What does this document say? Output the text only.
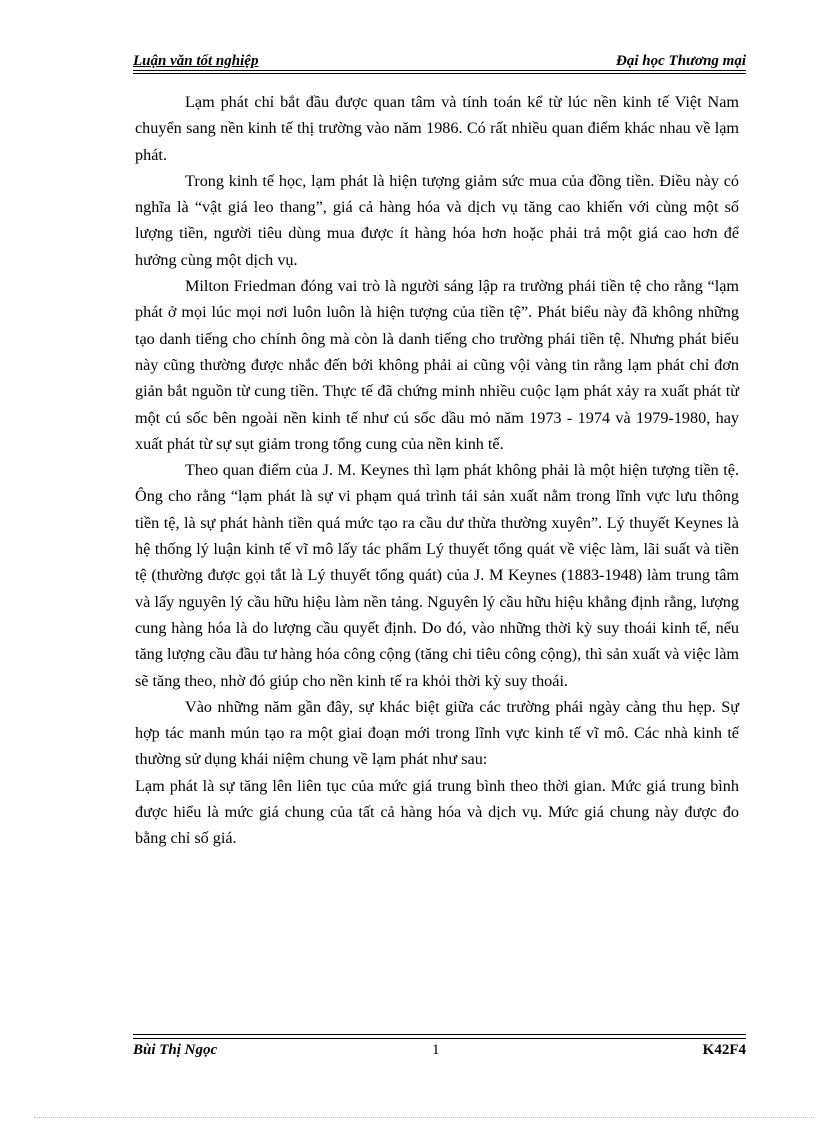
Luận văn tốt nghiệp	Đại học Thương mại

Lạm phát chỉ bắt đầu được quan tâm và tính toán kể từ lúc nền kinh tế Việt Nam chuyển sang nền kinh tế thị trường vào năm 1986. Có rất nhiều quan điểm khác nhau về lạm phát.

Trong kinh tế học, lạm phát là hiện tượng giảm sức mua của đồng tiền. Điều này có nghĩa là “vật giá leo thang”, giá cả hàng hóa và dịch vụ tăng cao khiến với cùng một số lượng tiền, người tiêu dùng mua được ít hàng hóa hơn hoặc phải trả một giá cao hơn để hưởng cùng một dịch vụ.

Milton Friedman đóng vai trò là người sáng lập ra trường phái tiền tệ cho rằng “lạm phát ở mọi lúc mọi nơi luôn luôn là hiện tượng của tiền tệ”. Phát biểu này đã không những tạo danh tiếng cho chính ông mà còn là danh tiếng cho trường phái tiền tệ. Nhưng phát biểu này cũng thường được nhắc đến bởi không phải ai cũng vội vàng tin rằng lạm phát chỉ đơn giản bắt nguồn từ cung tiền. Thực tế đã chứng minh nhiều cuộc lạm phát xảy ra xuất phát từ một cú sốc bên ngoài nền kinh tế như cú sốc dầu mỏ năm 1973 - 1974 và 1979-1980, hay xuất phát từ sự sụt giảm trong tổng cung của nền kinh tế.

Theo quan điểm của J. M. Keynes thì lạm phát không phải là một hiện tượng tiền tệ. Ông cho rằng “lạm phát là sự vi phạm quá trình tái sản xuất nằm trong lĩnh vực lưu thông tiền tệ, là sự phát hành tiền quá mức tạo ra cầu dư thừa thường xuyên”. Lý thuyết Keynes là hệ thống lý luận kinh tế vĩ mô lấy tác phẩm Lý thuyết tổng quát về việc làm, lãi suất và tiền tệ (thường được gọi tắt là Lý thuyết tổng quát) của J. M Keynes (1883-1948) làm trung tâm và lấy nguyên lý cầu hữu hiệu làm nền tảng. Nguyên lý cầu hữu hiệu khẳng định rằng, lượng cung hàng hóa là do lượng cầu quyết định. Do đó, vào những thời kỳ suy thoái kinh tế, nếu tăng lượng cầu đầu tư hàng hóa công cộng (tăng chi tiêu công cộng), thì sản xuất và việc làm sẽ tăng theo, nhờ đó giúp cho nền kinh tế ra khỏi thời kỳ suy thoái.

Vào những năm gần đây, sự khác biệt giữa các trường phái ngày càng thu hẹp. Sự hợp tác manh mún tạo ra một giai đoạn mới trong lĩnh vực kinh tế vĩ mô. Các nhà kinh tế thường sử dụng khái niệm chung về lạm phát như sau:

Lạm phát là sự tăng lên liên tục của mức giá trung bình theo thời gian. Mức giá trung bình được hiểu là mức giá chung của tất cả hàng hóa và dịch vụ. Mức giá chung này được đo bằng chỉ số giá.

Bùi Thị Ngọc	1	K42F4
